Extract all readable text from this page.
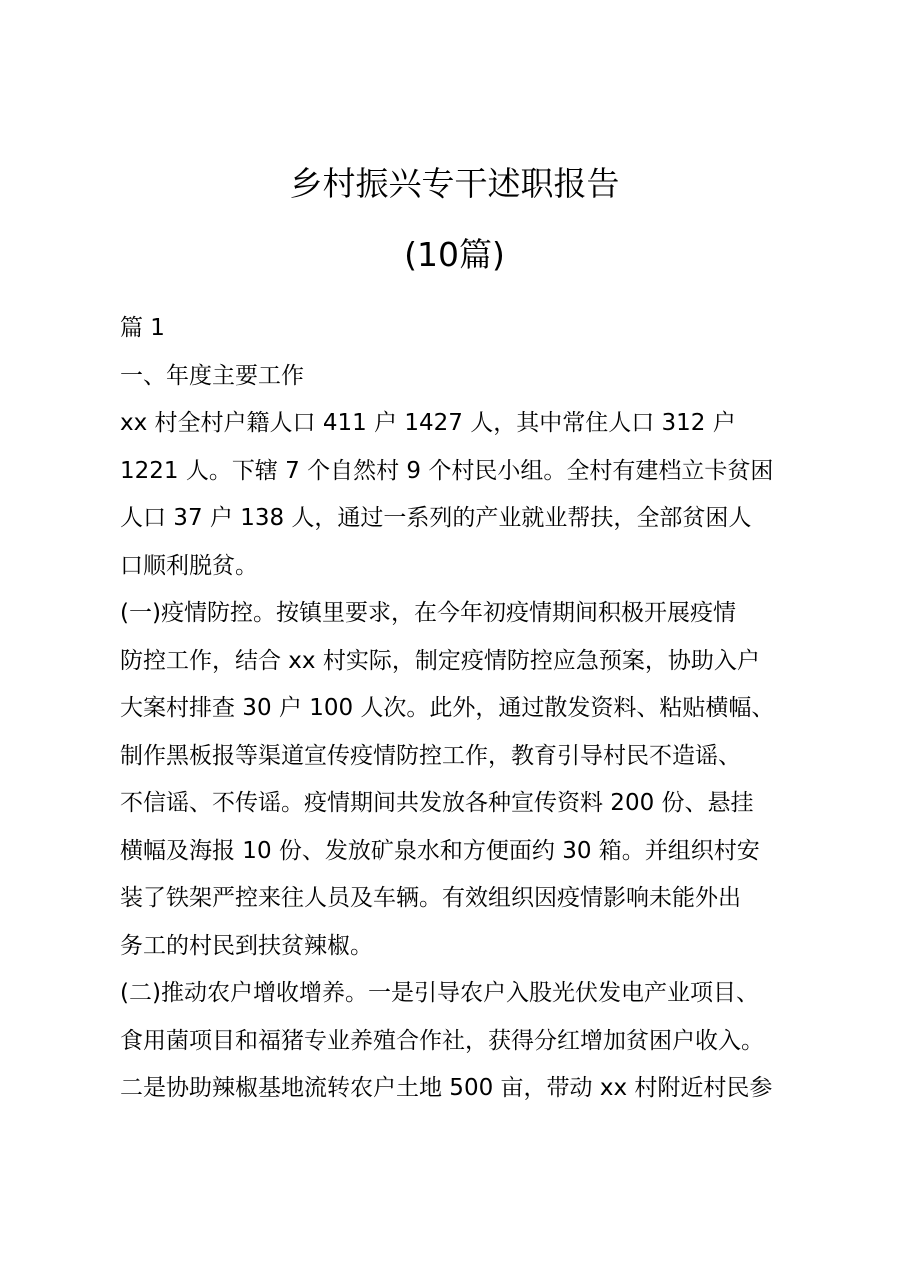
乡村振兴专干述职报告
(10篇)
篇 1
一、年度主要工作
xx 村全村户籍人口 411 户 1427 人，其中常住人口 312 户
1221 人。下辖 7 个自然村 9 个村民小组。全村有建档立卡贫困
人口 37 户 138 人，通过一系列的产业就业帮扶，全部贫困人
口顺利脱贫。
(一)疫情防控。按镇里要求，在今年初疫情期间积极开展疫情
防控工作，结合 xx 村实际，制定疫情防控应急预案，协助入户
大案村排查 30 户 100 人次。此外，通过散发资料、粘贴横幅、
制作黑板报等渠道宣传疫情防控工作，教育引导村民不造谣、
不信谣、不传谣。疫情期间共发放各种宣传资料 200 份、悬挂
横幅及海报 10 份、发放矿泉水和方便面约 30 箱。并组织村安
装了铁架严控来往人员及车辆。有效组织因疫情影响未能外出
务工的村民到扶贫辣椒。
(二)推动农户增收增养。一是引导农户入股光伏发电产业项目、
食用菌项目和福猪专业养殖合作社，获得分红增加贫困户收入。
二是协助辣椒基地流转农户土地 500 亩，带动 xx 村附近村民参
